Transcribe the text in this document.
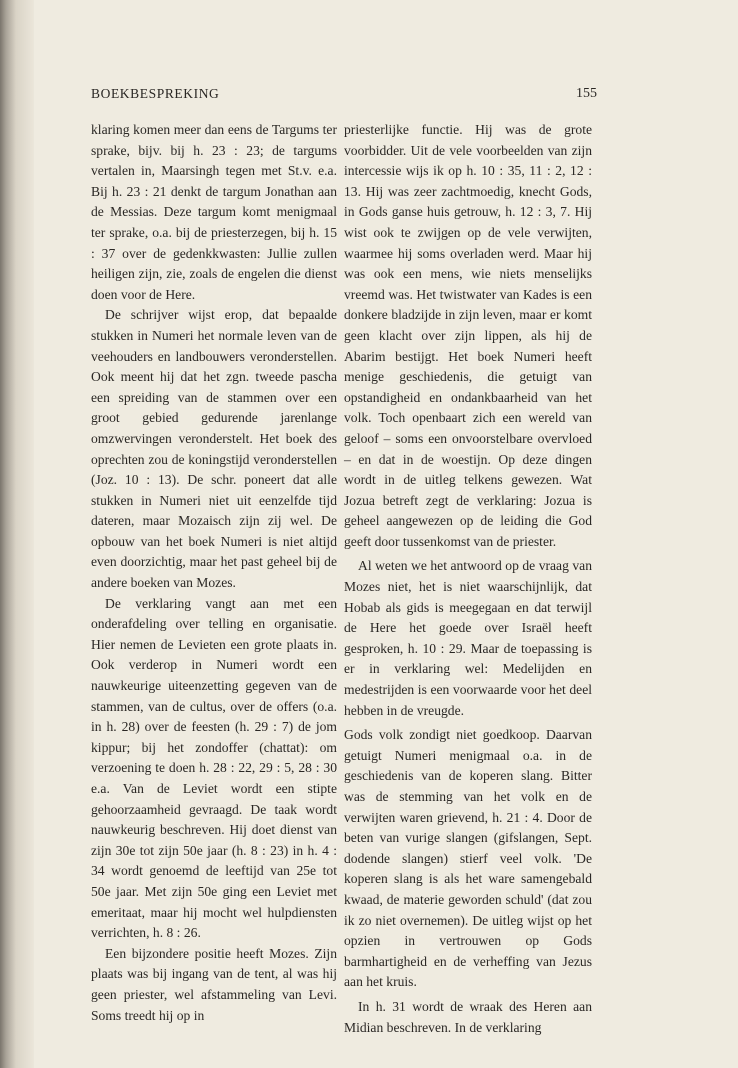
BOEKBESPREKING	155

klaring komen meer dan eens de Targums ter sprake, bijv. bij h. 23 : 23; de targums vertalen in, Maarsingh tegen met St.v. e.a. Bij h. 23 : 21 denkt de targum Jonathan aan de Messias. Deze targum komt menigmaal ter sprake, o.a. bij de priesterzegen, bij h. 15 : 37 over de gedenkkwasten: Jullie zullen heiligen zijn, zie, zoals de engelen die dienst doen voor de Here.

De schrijver wijst erop, dat bepaalde stukken in Numeri het normale leven van de veehouders en landbouwers veronderstellen. Ook meent hij dat het zgn. tweede pascha een spreiding van de stammen over een groot gebied gedurende jarenlange omzwervingen veronderstelt. Het boek des oprechten zou de koningstijd veronderstellen (Joz. 10 : 13). De schr. poneert dat alle stukken in Numeri niet uit eenzelfde tijd dateren, maar Mozaisch zijn zij wel. De opbouw van het boek Numeri is niet altijd even doorzichtig, maar het past geheel bij de andere boeken van Mozes.

De verklaring vangt aan met een onderafdeling over telling en organisatie. Hier nemen de Levieten een grote plaats in. Ook verderop in Numeri wordt een nauwkeurige uiteenzetting gegeven van de stammen, van de cultus, over de offers (o.a. in h. 28) over de feesten (h. 29 : 7) de jom kippur; bij het zondoffer (chattat): om verzoening te doen h. 28 : 22, 29 : 5, 28 : 30 e.a. Van de Leviet wordt een stipte gehoorzaamheid gevraagd. De taak wordt nauwkeurig beschreven. Hij doet dienst van zijn 30e tot zijn 50e jaar (h. 8 : 23) in h. 4 : 34 wordt genoemd de leeftijd van 25e tot 50e jaar. Met zijn 50e ging een Leviet met emeritaat, maar hij mocht wel hulpdiensten verrichten, h. 8 : 26.

Een bijzondere positie heeft Mozes. Zijn plaats was bij ingang van de tent, al was hij geen priester, wel afstammeling van Levi. Soms treedt hij op in

priesterlijke functie. Hij was de grote voorbidder. Uit de vele voorbeelden van zijn intercessie wijs ik op h. 10 : 35, 11 : 2, 12 : 13. Hij was zeer zachtmoedig, knecht Gods, in Gods ganse huis getrouw, h. 12 : 3, 7. Hij wist ook te zwijgen op de vele verwijten, waarmee hij soms overladen werd. Maar hij was ook een mens, wie niets menselijks vreemd was. Het twistwater van Kades is een donkere bladzijde in zijn leven, maar er komt geen klacht over zijn lippen, als hij de Abarim bestijgt. Het boek Numeri heeft menige geschiedenis, die getuigt van opstandigheid en ondankbaarheid van het volk. Toch openbaart zich een wereld van geloof – soms een onvoorstelbare overvloed – en dat in de woestijn. Op deze dingen wordt in de uitleg telkens gewezen. Wat Jozua betreft zegt de verklaring: Jozua is geheel aangewezen op de leiding die God geeft door tussenkomst van de priester.

Al weten we het antwoord op de vraag van Mozes niet, het is niet waarschijnlijk, dat Hobab als gids is meegegaan en dat terwijl de Here het goede over Israël heeft gesproken, h. 10 : 29. Maar de toepassing is er in verklaring wel: Medelijden en medestrijden is een voorwaarde voor het deel hebben in de vreugde.

Gods volk zondigt niet goedkoop. Daarvan getuigt Numeri menigmaal o.a. in de geschiedenis van de koperen slang. Bitter was de stemming van het volk en de verwijten waren grievend, h. 21 : 4. Door de beten van vurige slangen (gifslangen, Sept. dodende slangen) stierf veel volk. 'De koperen slang is als het ware samengebald kwaad, de materie geworden schuld' (dat zou ik zo niet overnemen). De uitleg wijst op het opzien in vertrouwen op Gods barmhartigheid en de verheffing van Jezus aan het kruis.

In h. 31 wordt de wraak des Heren aan Midian beschreven. In de verklaring
